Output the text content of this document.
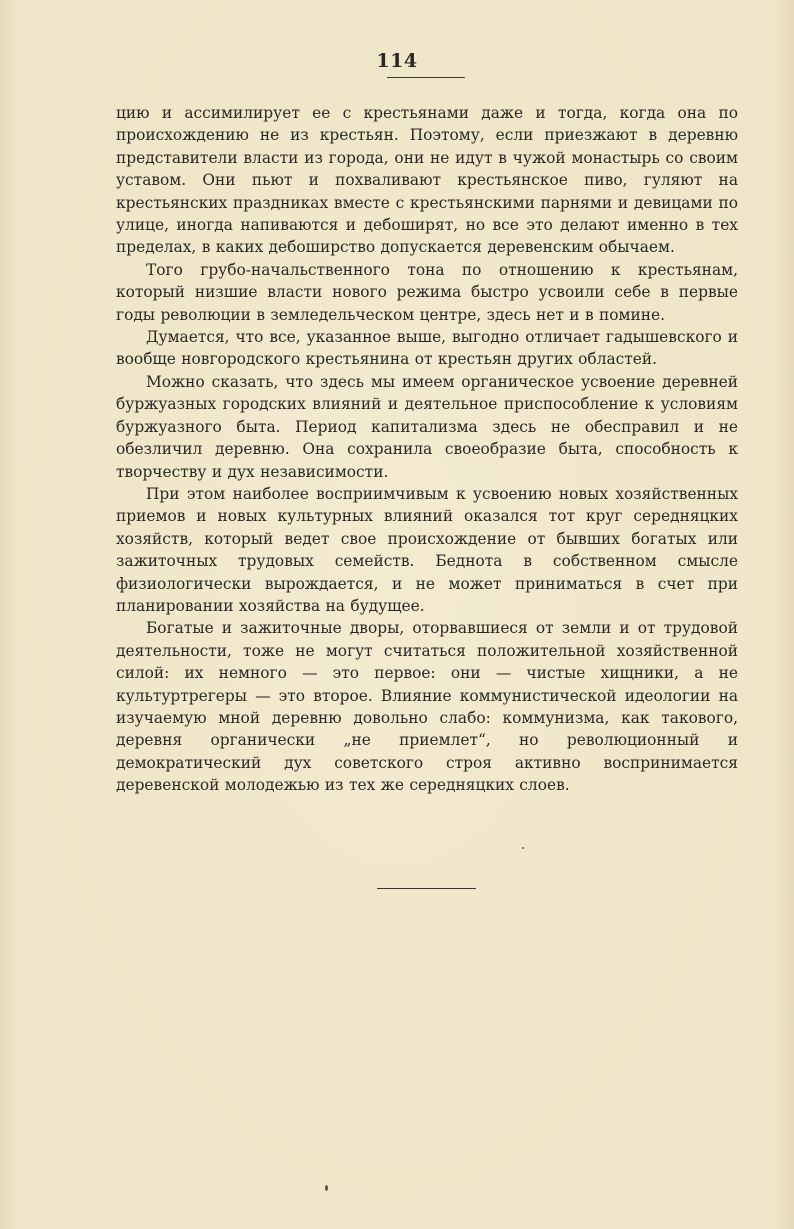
114

цию и ассимилирует ее с крестьянами даже и тогда, когда она по происхождению не из крестьян. Поэтому, если приезжают в деревню представители власти из города, они не идут в чужой монастырь со своим уставом. Они пьют и похваливают крестьянское пиво, гуляют на крестьянских праздниках вместе с крестьянскими парнями и девицами по улице, иногда напиваются и дебоширят, но все это делают именно в тех пределах, в каких дебоширство допускается деревенским обычаем.

Того грубо-начальственного тона по отношению к крестьянам, который низшие власти нового режима быстро усвоили себе в первые годы революции в земледельческом центре, здесь нет и в помине.

Думается, что все, указанное выше, выгодно отличает гадышевского и вообще новгородского крестьянина от крестьян других областей.

Можно сказать, что здесь мы имеем органическое усвоение деревней буржуазных городских влияний и деятельное приспособление к условиям буржуазного быта. Период капитализма здесь не обесправил и не обезличил деревню. Она сохранила своеобразие быта, способность к творчеству и дух независимости.

При этом наиболее восприимчивым к усвоению новых хозяйственных приемов и новых культурных влияний оказался тот круг середняцких хозяйств, который ведет свое происхождение от бывших богатых или зажиточных трудовых семейств. Беднота в собственном смысле физиологически вырождается, и не может приниматься в счет при планировании хозяйства на будущее.

Богатые и зажиточные дворы, оторвавшиеся от земли и от трудовой деятельности, тоже не могут считаться положительной хозяйственной силой: их немного — это первое: они — чистые хищники, а не культуртрегеры — это второе. Влияние коммунистической идеологии на изучаемую мной деревню довольно слабо: коммунизма, как такового, деревня органически „не приемлет“, но революционный и демократический дух советского строя активно воспринимается деревенской молодежью из тех же середняцких слоев.
